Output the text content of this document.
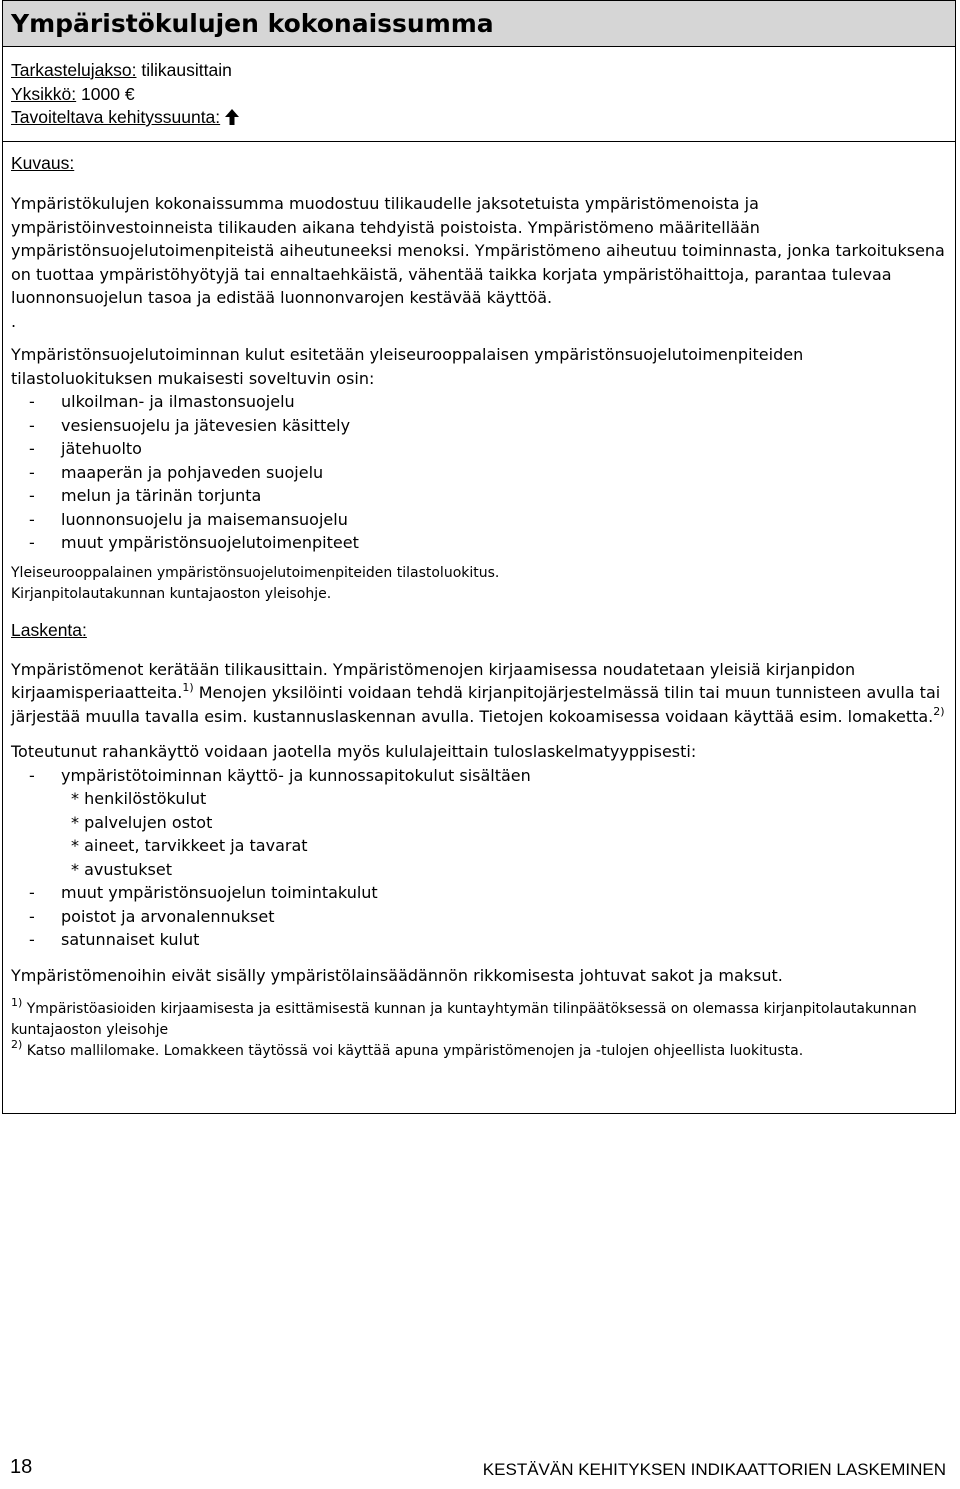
Ympäristökulujen kokonaissumma
Tarkastelujakso: tilikausittain
Yksikkö: 1000 €
Tavoiteltava kehityssuunta:
Kuvaus:

Ympäristökulujen kokonaissumma muodostuu tilikaudelle jaksotetuista ympäristömenoista ja ympäristöinvestoinneista tilikauden aikana tehdyistä poistoista. Ympäristömeno määritellään ympäristönsuojelutoimenpiteistä aiheutuneeksi menoksi. Ympäristömeno aiheutuu toiminnasta, jonka tarkoituksena on tuottaa ympäristöhyötyjä tai ennaltaehkäistä, vähentää taikka korjata ympäristöhaittoja, parantaa tulevaa luonnonsuojelun tasoa ja edistää luonnonvarojen kestävää käyttöä.

.

Ympäristönsuojelutoiminnan kulut esitetään yleiseurooppalaisen ympäristönsuojelutoimenpiteiden tilastoluokituksen mukaisesti soveltuvin osin:

- ulkoilman- ja ilmastonsuojelu
- vesiensuojelu ja jätevesien käsittely
- jätehuolto
- maaperän ja pohjaveden suojelu
- melun ja tärinän torjunta
- luonnonsuojelu ja maisemansuojelu
- muut ympäristönsuojelutoimenpiteet

Yleiseurooppalainen ympäristönsuojelutoimenpiteiden tilastoluokitus.

Kirjanpitolautakunnan kuntajaoston yleisohje.

Laskenta:

Ympäristömenot kerätään tilikausittain. Ympäristömenojen kirjaamisessa noudatetaan yleisiä kirjanpidon kirjaamisperiaatteita.$^{1)}$ Menojen yksilöinti voidaan tehdä kirjanpitojärjestelmässä tilin tai muun tunnisteen avulla tai järjestää muulla tavalla esim. kustannuslaskennan avulla. Tietojen kokoamisessa voidaan käyttää esim. lomaketta.$^{2)}$

Toteutunut rahankäyttö voidaan jaotella myös kululajeittain tuloslaskelmatyyppisesti:

- ympäristötoiminnan käyttö- ja kunnossapitokulut sisältäen
* henkilöstökulut
* palvelujen ostot
* aineet, tarvikkeet ja tavarat
* avustukset
- muut ympäristönsuojelun toimintakulut
- poistot ja arvonalennukset
- satunnaiset kulut

Ympäristömenoihin eivät sisälly ympäristölainsäädännön rikkomisesta johtuvat sakot ja maksut.

$^{1)}$ Ympäristöasioiden kirjaamisesta ja esittämisestä kunnan ja kuntayhtymän tilinpäätöksessä on olemassa kirjanpitolautakunnan kuntajaoston yleisohje

$^{2)}$ Katso mallilomake. Lomakkeen täytössä voi käyttää apuna ympäristömenojen ja -tulojen ohjeellista luokitusta.

18	KESTÄVÄN KEHITYKSEN INDIKAATTORIEN LASKEMINEN
